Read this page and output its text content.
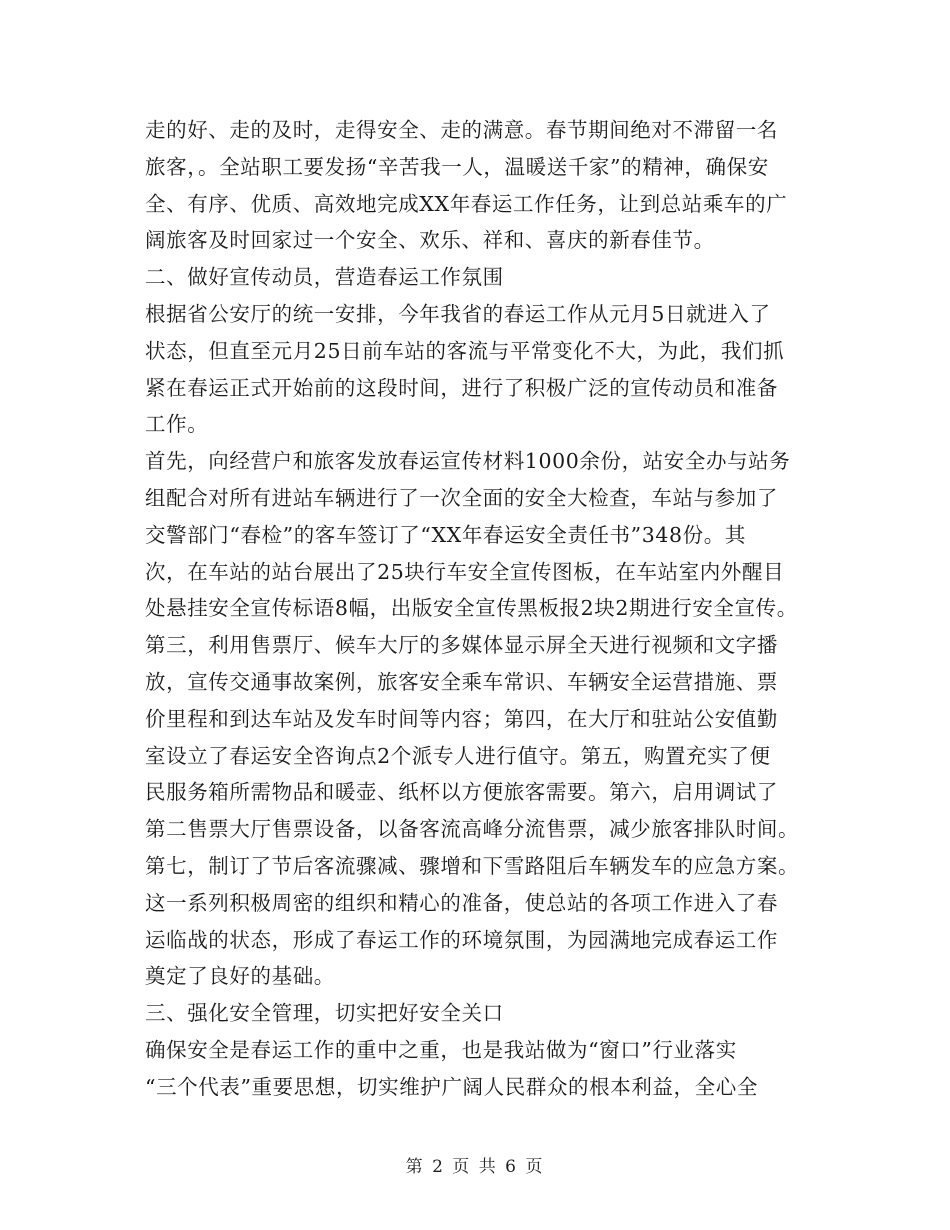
走的好、走的及时，走得安全、走的满意。春节期间绝对不滞留一名
旅客，。全站职工要发扬“辛苦我一人，温暖送千家”的精神，确保安
全、有序、优质、高效地完成XX年春运工作任务，让到总站乘车的广
阔旅客及时回家过一个安全、欢乐、祥和、喜庆的新春佳节。
二、做好宣传动员，营造春运工作氛围
根据省公安厅的统一安排，今年我省的春运工作从元月5日就进入了
状态，但直至元月25日前车站的客流与平常变化不大，为此，我们抓
紧在春运正式开始前的这段时间，进行了积极广泛的宣传动员和准备
工作。
首先，向经营户和旅客发放春运宣传材料1000余份，站安全办与站务
组配合对所有进站车辆进行了一次全面的安全大检查，车站与参加了
交警部门“春检”的客车签订了“XX年春运安全责任书”348份。其
次，在车站的站台展出了25块行车安全宣传图板，在车站室内外醒目
处悬挂安全宣传标语8幅，出版安全宣传黑板报2块2期进行安全宣传。
第三，利用售票厅、候车大厅的多媒体显示屏全天进行视频和文字播
放，宣传交通事故案例，旅客安全乘车常识、车辆安全运营措施、票
价里程和到达车站及发车时间等内容；第四，在大厅和驻站公安值勤
室设立了春运安全咨询点2个派专人进行值守。第五，购置充实了便
民服务箱所需物品和暖壶、纸杯以方便旅客需要。第六，启用调试了
第二售票大厅售票设备，以备客流高峰分流售票，减少旅客排队时间。
第七，制订了节后客流骤减、骤增和下雪路阻后车辆发车的应急方案。
这一系列积极周密的组织和精心的准备，使总站的各项工作进入了春
运临战的状态，形成了春运工作的环境氛围，为园满地完成春运工作
奠定了良好的基础。
三、强化安全管理，切实把好安全关口
确保安全是春运工作的重中之重，也是我站做为“窗口”行业落实
“三个代表”重要思想，切实维护广阔人民群众的根本利益，全心全
第 2 页 共 6 页
